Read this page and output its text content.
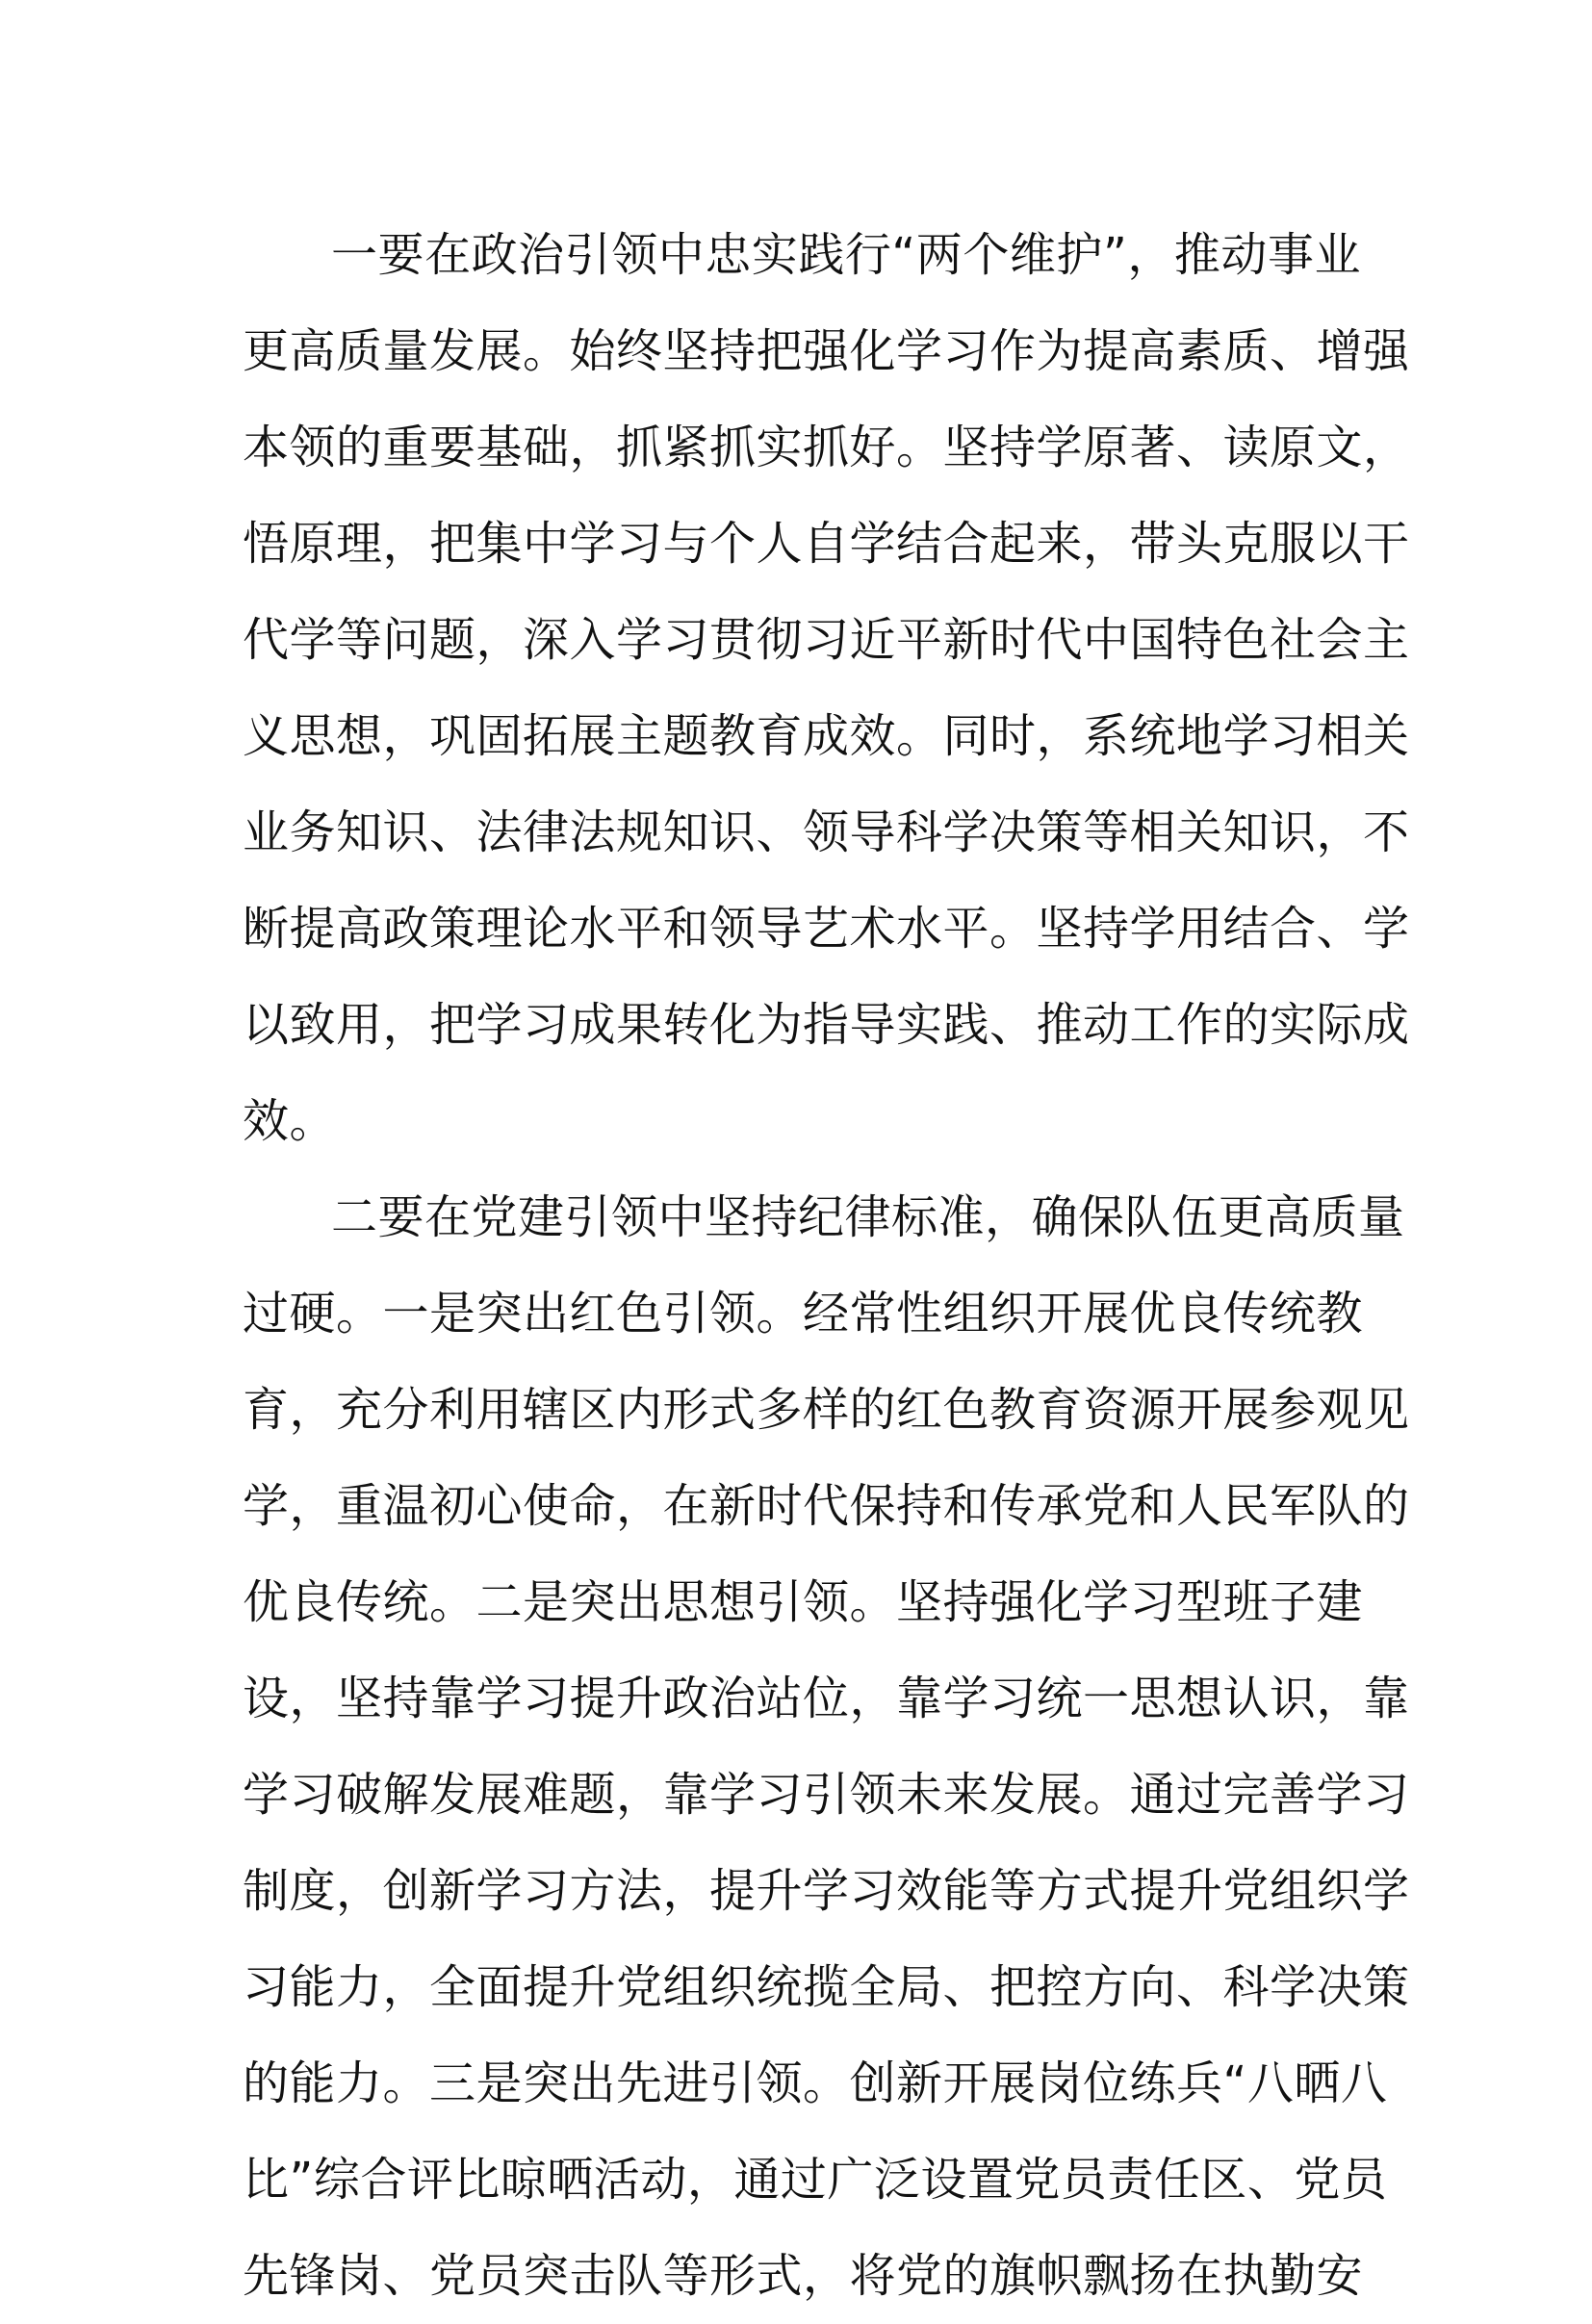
一要在政治引领中忠实践行“两个维护”，推动事业
更高质量发展。始终坚持把强化学习作为提高素质、增强
本领的重要基础，抓紧抓实抓好。坚持学原著、读原文，
悟原理，把集中学习与个人自学结合起来，带头克服以干
代学等问题，深入学习贯彻习近平新时代中国特色社会主
义思想，巩固拓展主题教育成效。同时，系统地学习相关
业务知识、法律法规知识、领导科学决策等相关知识，不
断提高政策理论水平和领导艺术水平。坚持学用结合、学
以致用，把学习成果转化为指导实践、推动工作的实际成
效。
二要在党建引领中坚持纪律标准，确保队伍更高质量
过硬。一是突出红色引领。经常性组织开展优良传统教
育，充分利用辖区内形式多样的红色教育资源开展参观见
学，重温初心使命，在新时代保持和传承党和人民军队的
优良传统。二是突出思想引领。坚持强化学习型班子建
设，坚持靠学习提升政治站位，靠学习统一思想认识，靠
学习破解发展难题，靠学习引领未来发展。通过完善学习
制度，创新学习方法，提升学习效能等方式提升党组织学
习能力，全面提升党组织统揽全局、把控方向、科学决策
的能力。三是突出先进引领。创新开展岗位练兵“八晒八
比”综合评比晾晒活动，通过广泛设置党员责任区、党员
先锋岗、党员突击队等形式，将党的旗帜飘扬在执勤安
